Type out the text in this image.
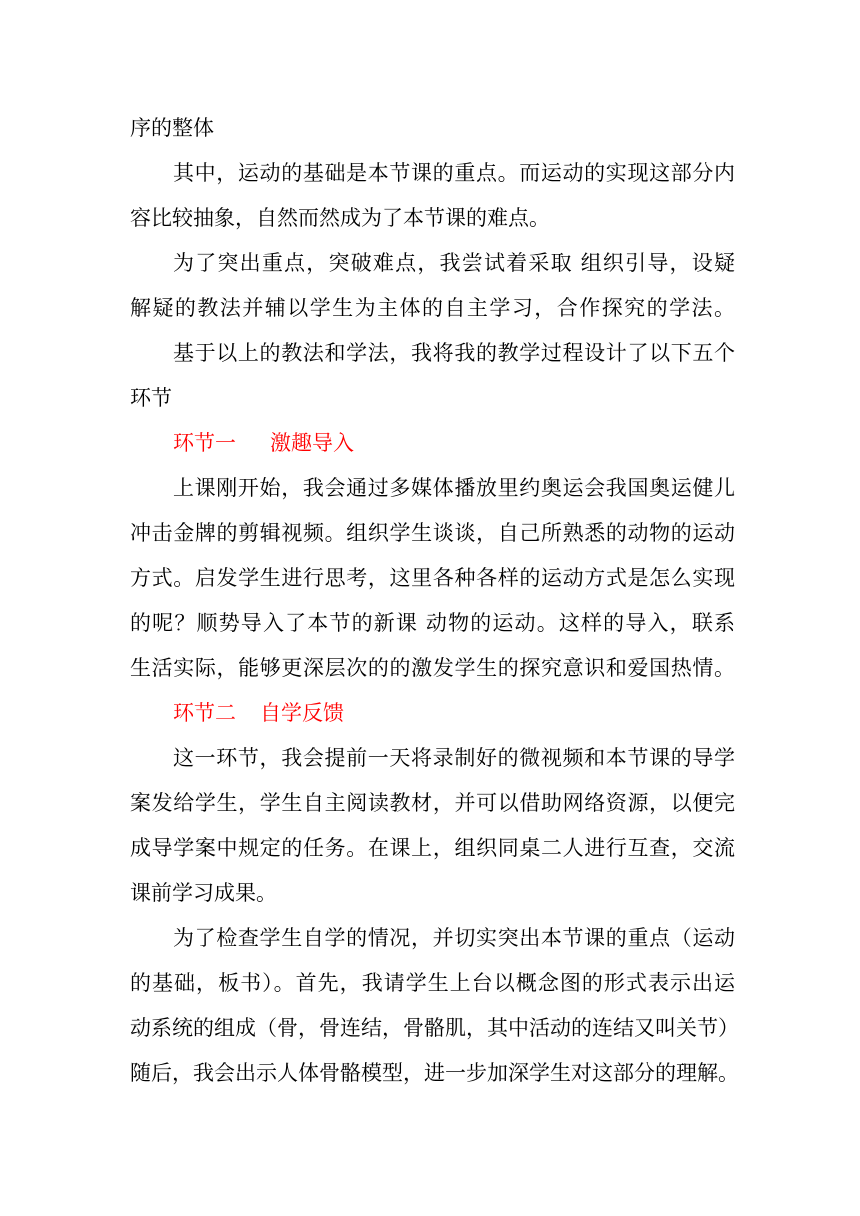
序的整体
其中，运动的基础是本节课的重点。而运动的实现这部分内
容比较抽象，自然而然成为了本节课的难点。
为了突出重点，突破难点，我尝试着采取 组织引导，设疑
解疑的教法并辅以学生为主体的自主学习，合作探究的学法。
基于以上的教法和学法，我将我的教学过程设计了以下五个
环节
环节一 激趣导入
上课刚开始，我会通过多媒体播放里约奥运会我国奥运健儿
冲击金牌的剪辑视频。组织学生谈谈，自己所熟悉的动物的运动
方式。启发学生进行思考，这里各种各样的运动方式是怎么实现
的呢？顺势导入了本节的新课 动物的运动。这样的导入，联系
生活实际，能够更深层次的的激发学生的探究意识和爱国热情。
环节二 自学反馈
这一环节，我会提前一天将录制好的微视频和本节课的导学
案发给学生，学生自主阅读教材，并可以借助网络资源，以便完
成导学案中规定的任务。在课上，组织同桌二人进行互查，交流
课前学习成果。
为了检查学生自学的情况，并切实突出本节课的重点（运动
的基础，板书）。首先，我请学生上台以概念图的形式表示出运
动系统的组成（骨，骨连结，骨骼肌，其中活动的连结又叫关节）
随后，我会出示人体骨骼模型，进一步加深学生对这部分的理解。
